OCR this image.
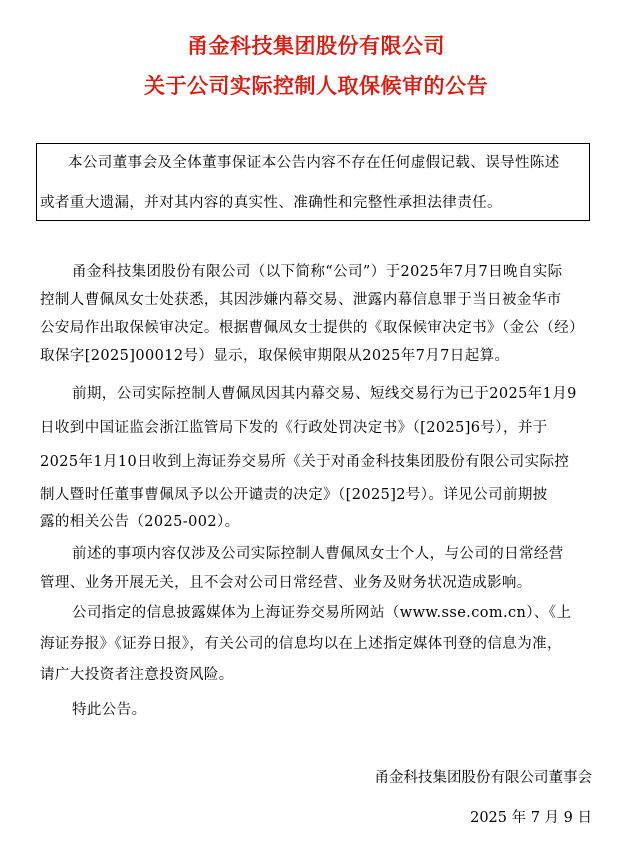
甬金科技集团股份有限公司
关于公司实际控制人取保候审的公告
本公司董事会及全体董事保证本公告内容不存在任何虚假记载、误导性陈述
或者重大遗漏，并对其内容的真实性、准确性和完整性承担法律责任。
甬金科技集团股份有限公司（以下简称“公司”）于2025年7月7日晚自实际
控制人曹佩凤女士处获悉，其因涉嫌内幕交易、泄露内幕信息罪于当日被金华市
公安局作出取保候审决定。根据曹佩凤女士提供的《取保候审决定书》（金公（经）
取保字[2025]00012号）显示，取保候审期限从2025年7月7日起算。
前期，公司实际控制人曹佩凤因其内幕交易、短线交易行为已于2025年1月9
日收到中国证监会浙江监管局下发的《行政处罚决定书》（[2025]6号），并于
2025年1月10日收到上海证券交易所《关于对甬金科技集团股份有限公司实际控
制人暨时任董事曹佩凤予以公开谴责的决定》（[2025]2号）。详见公司前期披
露的相关公告（2025-002）。
前述的事项内容仅涉及公司实际控制人曹佩凤女士个人，与公司的日常经营
管理、业务开展无关，且不会对公司日常经营、业务及财务状况造成影响。
公司指定的信息披露媒体为上海证券交易所网站（www.sse.com.cn）、《上
海证券报》《证券日报》，有关公司的信息均以在上述指定媒体刊登的信息为准，
请广大投资者注意投资风险。
特此公告。
甬金科技集团股份有限公司董事会
2025 年 7 月 9 日
